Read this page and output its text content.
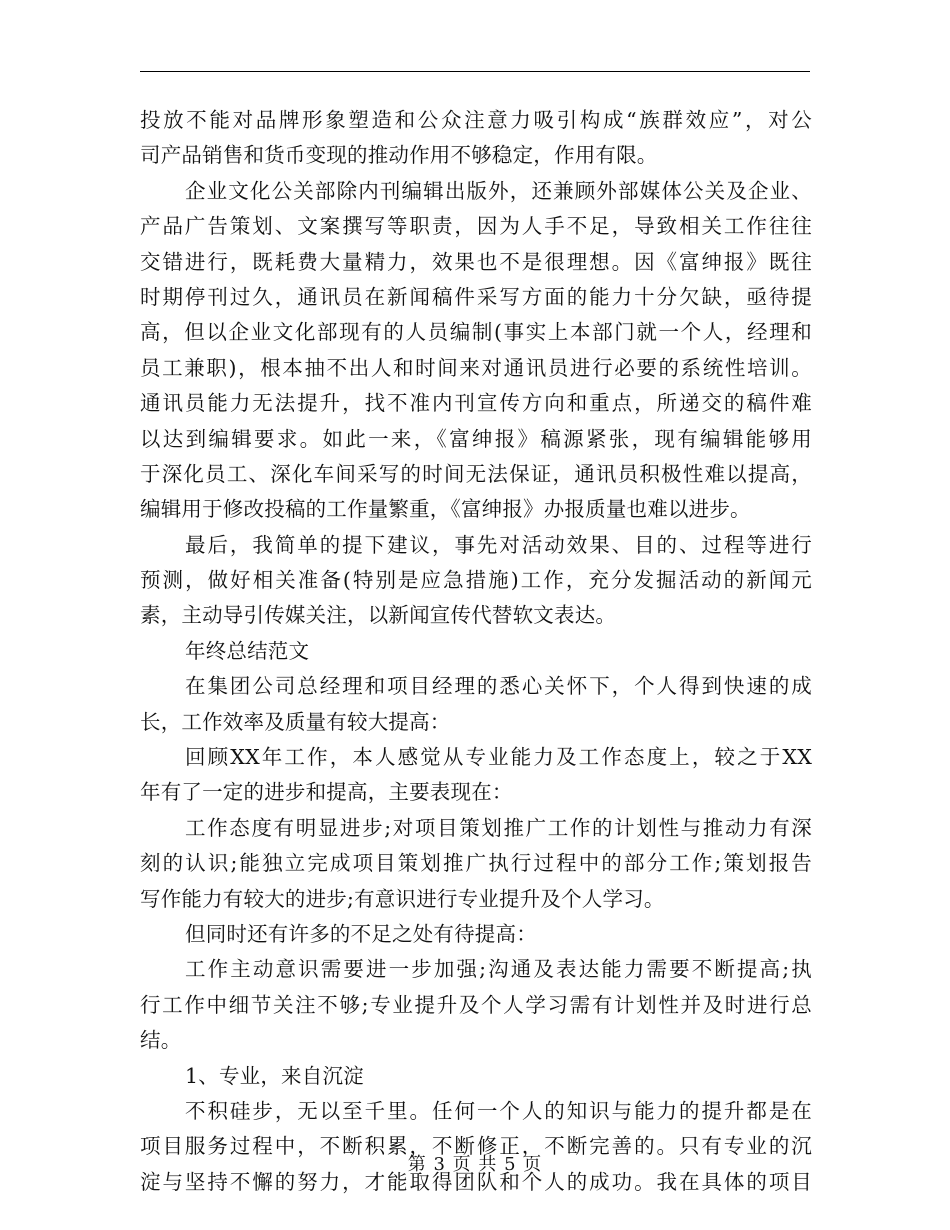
投放不能对品牌形象塑造和公众注意力吸引构成“族群效应”，对公
司产品销售和货币变现的推动作用不够稳定，作用有限。
企业文化公关部除内刊编辑出版外，还兼顾外部媒体公关及企业、
产品广告策划、文案撰写等职责，因为人手不足，导致相关工作往往
交错进行，既耗费大量精力，效果也不是很理想。因《富绅报》既往
时期停刊过久，通讯员在新闻稿件采写方面的能力十分欠缺，亟待提
高，但以企业文化部现有的人员编制(事实上本部门就一个人，经理和
员工兼职)，根本抽不出人和时间来对通讯员进行必要的系统性培训。
通讯员能力无法提升，找不准内刊宣传方向和重点，所递交的稿件难
以达到编辑要求。如此一来，《富绅报》稿源紧张，现有编辑能够用
于深化员工、深化车间采写的时间无法保证，通讯员积极性难以提高，
编辑用于修改投稿的工作量繁重，《富绅报》办报质量也难以进步。
最后，我简单的提下建议，事先对活动效果、目的、过程等进行
预测，做好相关准备(特别是应急措施)工作，充分发掘活动的新闻元
素，主动导引传媒关注，以新闻宣传代替软文表达。
年终总结范文
在集团公司总经理和项目经理的悉心关怀下，个人得到快速的成
长，工作效率及质量有较大提高：
回顾XX年工作，本人感觉从专业能力及工作态度上，较之于XX
年有了一定的进步和提高，主要表现在：
工作态度有明显进步;对项目策划推广工作的计划性与推动力有深
刻的认识;能独立完成项目策划推广执行过程中的部分工作;策划报告
写作能力有较大的进步;有意识进行专业提升及个人学习。
但同时还有许多的不足之处有待提高：
工作主动意识需要进一步加强;沟通及表达能力需要不断提高;执
行工作中细节关注不够;专业提升及个人学习需有计划性并及时进行总
结。
1、专业，来自沉淀
不积硅步，无以至千里。任何一个人的知识与能力的提升都是在
项目服务过程中，不断积累，不断修正，不断完善的。只有专业的沉
淀与坚持不懈的努力，才能取得团队和个人的成功。我在具体的项目
第 3 页 共 5 页
